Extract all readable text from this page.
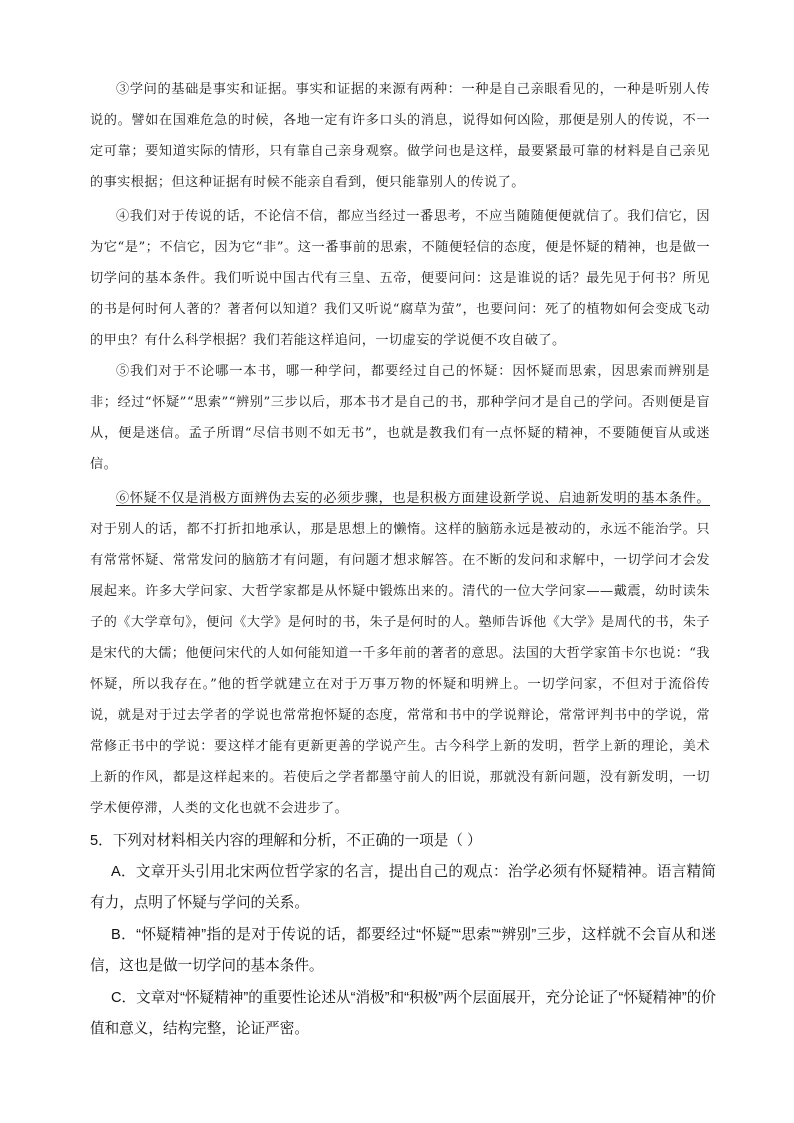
③学问的基础是事实和证据。事实和证据的来源有两种：一种是自己亲眼看见的，一种是听别人传说的。譬如在国难危急的时候，各地一定有许多口头的消息，说得如何凶险，那便是别人的传说，不一定可靠；要知道实际的情形，只有靠自己亲身观察。做学问也是这样，最要紧最可靠的材料是自己亲见的事实根据；但这种证据有时候不能亲自看到，便只能靠别人的传说了。
④我们对于传说的话，不论信不信，都应当经过一番思考，不应当随随便便就信了。我们信它，因为它“是”；不信它，因为它“非”。这一番事前的思索，不随便轻信的态度，便是怀疑的精神，也是做一切学问的基本条件。我们听说中国古代有三皇、五帝，便要问问：这是谁说的话？最先见于何书？所见的书是何时何人著的？著者何以知道？我们又听说“腐草为萤”，也要问问：死了的植物如何会变成飞动的甲虫？有什么科学根据？我们若能这样追问，一切虚妄的学说便不攻自破了。
⑤我们对于不论哪一本书，哪一种学问，都要经过自己的怀疑：因怀疑而思索，因思索而辨别是非；经过“怀疑”“思索”“辨别”三步以后，那本书才是自己的书，那种学问才是自己的学问。否则便是盲从，便是迷信。孟子所谓“尽信书则不如无书”，也就是教我们有一点怀疑的精神，不要随便盲从或迷信。
⑥怀疑不仅是消极方面辨伪去妄的必须步骤，也是积极方面建设新学说、启迪新发明的基本条件。对于别人的话，都不打折扣地承认，那是思想上的懒惰。这样的脑筋永远是被动的，永远不能治学。只有常常怀疑、常常发问的脑筋才有问题，有问题才想求解答。在不断的发问和求解中，一切学问才会发展起来。许多大学问家、大哲学家都是从怀疑中锻炼出来的。清代的一位大学问家——戴震，幼时读朱子的《大学章句》，便问《大学》是何时的书，朱子是何时的人。塾师告诉他《大学》是周代的书，朱子是宋代的大儒；他便问宋代的人如何能知道一千多年前的著者的意思。法国的大哲学家笛卡尔也说：“我怀疑，所以我存在。”他的哲学就建立在对于万事万物的怀疑和明辨上。一切学问家，不但对于流俗传说，就是对于过去学者的学说也常常抱怀疑的态度，常常和书中的学说辩论，常常评判书中的学说，常常修正书中的学说：要这样才能有更新更善的学说产生。古今科学上新的发明，哲学上新的理论，美术上新的作风，都是这样起来的。若使后之学者都墨守前人的旧说，那就没有新问题，没有新发明，一切学术便停滞，人类的文化也就不会进步了。
5．下列对材料相关内容的理解和分析，不正确的一项是（ ）
A．文章开头引用北宋两位哲学家的名言，提出自己的观点：治学必须有怀疑精神。语言精简有力，点明了怀疑与学问的关系。
B．“怀疑精神”指的是对于传说的话，都要经过“怀疑”“思索”“辨别”三步，这样就不会盲从和迷信，这也是做一切学问的基本条件。
C．文章对“怀疑精神”的重要性论述从“消极”和“积极”两个层面展开，充分论证了“怀疑精神”的价值和意义，结构完整，论证严密。
